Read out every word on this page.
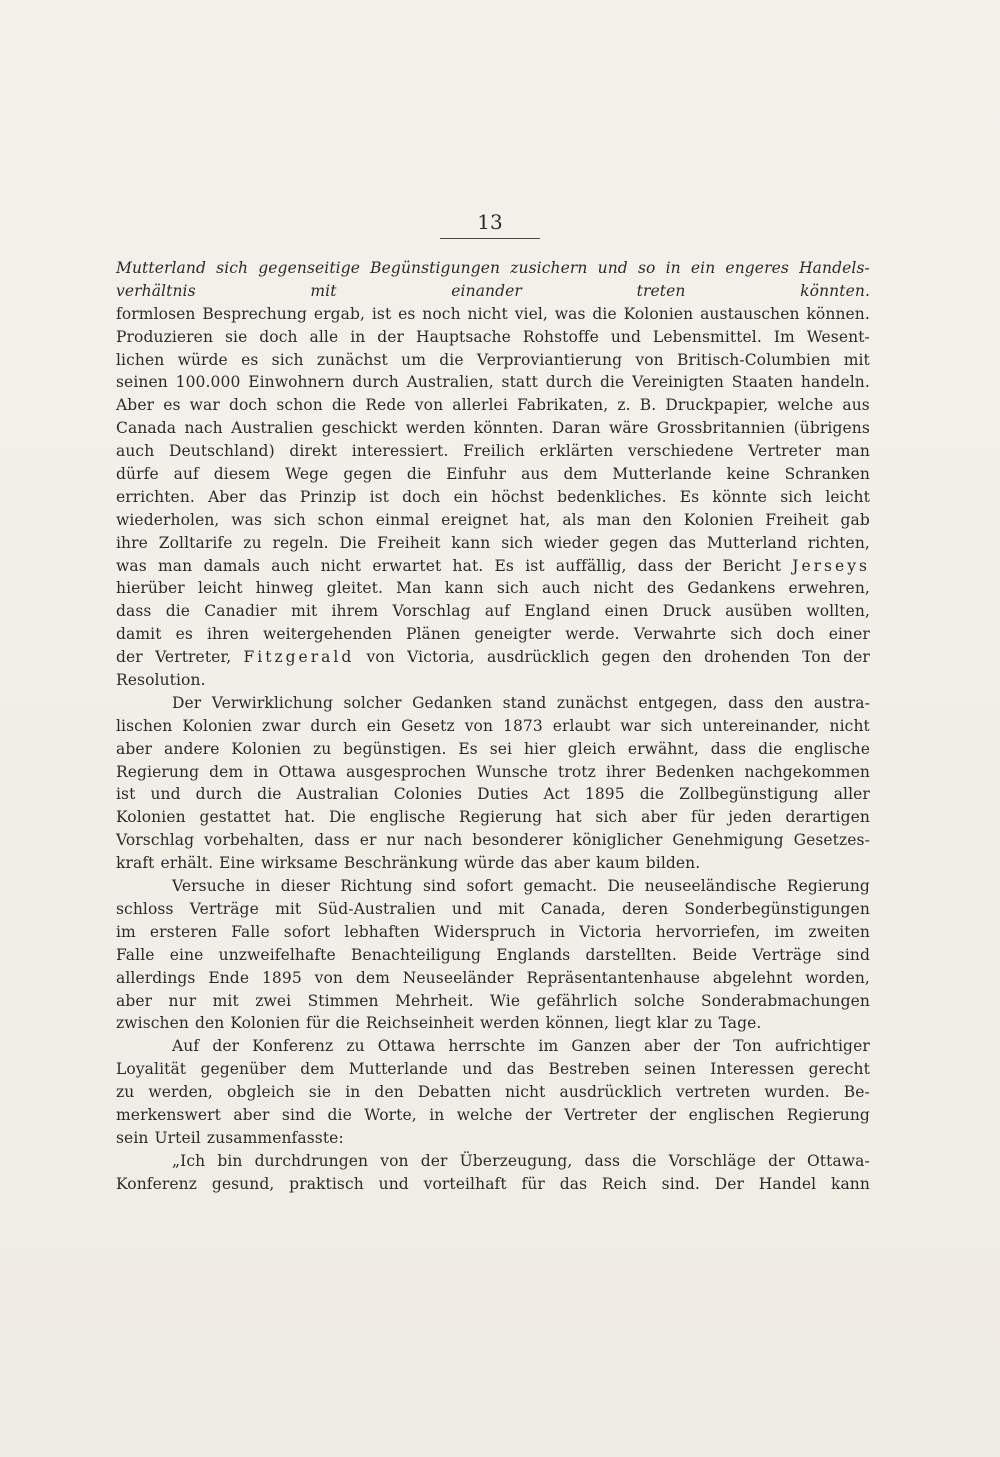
13
Mutterland sich gegenseitige Begünstigungen zusichern und so in ein engeres Handels-
verhältnis	mit	einander	treten	könnten.
formlosen Besprechung ergab, ist es noch nicht viel, was die Kolonien austauschen können.
Produzieren sie doch alle in der Hauptsache Rohstoffe und Lebensmittel. Im Wesent-
lichen würde es sich zunächst um die Verproviantierung von Britisch-Columbien mit
seinen 100.000 Einwohnern durch Australien, statt durch die Vereinigten Staaten handeln.
Aber es war doch schon die Rede von allerlei Fabrikaten, z. B. Druckpapier, welche aus
Canada nach Australien geschickt werden könnten. Daran wäre Grossbritannien (übrigens
auch Deutschland) direkt interessiert. Freilich erklärten verschiedene Vertreter man
dürfe auf diesem Wege gegen die Einfuhr aus dem Mutterlande keine Schranken
errichten. Aber das Prinzip ist doch ein höchst bedenkliches. Es könnte sich leicht
wiederholen, was sich schon einmal ereignet hat, als man den Kolonien Freiheit gab
ihre Zolltarife zu regeln. Die Freiheit kann sich wieder gegen das Mutterland richten,
was man damals auch nicht erwartet hat. Es ist auffällig, dass der Bericht Jerseys
hierüber leicht hinweg gleitet. Man kann sich auch nicht des Gedankens erwehren,
dass die Canadier mit ihrem Vorschlag auf England einen Druck ausüben wollten,
damit es ihren weitergehenden Plänen geneigter werde. Verwahrte sich doch einer
der Vertreter, Fitzgerald von Victoria, ausdrücklich gegen den drohenden Ton der
Resolution.
Der Verwirklichung solcher Gedanken stand zunächst entgegen, dass den austra-
lischen Kolonien zwar durch ein Gesetz von 1873 erlaubt war sich untereinander, nicht
aber andere Kolonien zu begünstigen. Es sei hier gleich erwähnt, dass die englische
Regierung dem in Ottawa ausgesprochen Wunsche trotz ihrer Bedenken nachgekommen
ist und durch die Australian Colonies Duties Act 1895 die Zollbegünstigung aller
Kolonien gestattet hat. Die englische Regierung hat sich aber für jeden derartigen
Vorschlag vorbehalten, dass er nur nach besonderer königlicher Genehmigung Gesetzes-
kraft erhält. Eine wirksame Beschränkung würde das aber kaum bilden.
Versuche in dieser Richtung sind sofort gemacht. Die neuseeländische Regierung
schloss Verträge mit Süd-Australien und mit Canada, deren Sonderbegünstigungen
im ersteren Falle sofort lebhaften Widerspruch in Victoria hervorriefen, im zweiten
Falle eine unzweifelhafte Benachteiligung Englands darstellten. Beide Verträge sind
allerdings Ende 1895 von dem Neuseeländer Repräsentantenhause abgelehnt worden,
aber nur mit zwei Stimmen Mehrheit. Wie gefährlich solche Sonderabmachungen
zwischen den Kolonien für die Reichseinheit werden können, liegt klar zu Tage.
Auf der Konferenz zu Ottawa herrschte im Ganzen aber der Ton aufrichtiger
Loyalität gegenüber dem Mutterlande und das Bestreben seinen Interessen gerecht
zu werden, obgleich sie in den Debatten nicht ausdrücklich vertreten wurden. Be-
merkenswert aber sind die Worte, in welche der Vertreter der englischen Regierung
sein Urteil zusammenfasste:
„Ich bin durchdrungen von der Überzeugung, dass die Vorschläge der Ottawa-
Konferenz gesund, praktisch und vorteilhaft für das Reich sind. Der Handel kann
